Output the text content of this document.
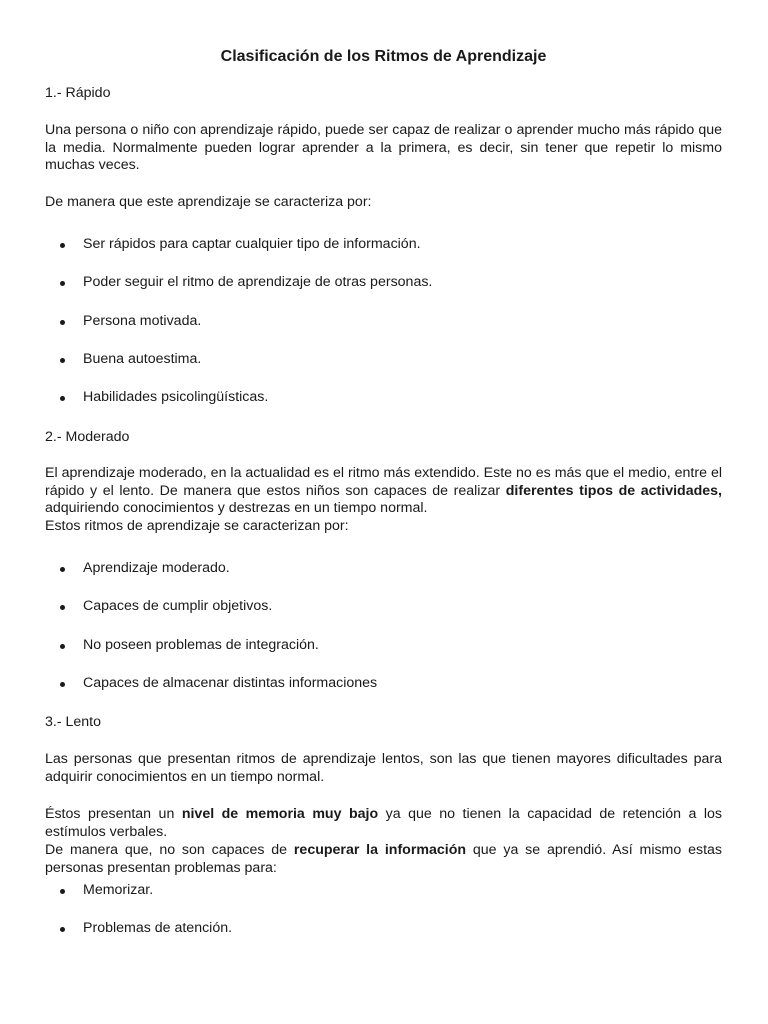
Clasificación de los Ritmos de Aprendizaje

1.- Rápido

Una persona o niño con aprendizaje rápido, puede ser capaz de realizar o aprender mucho más rápido que la media. Normalmente pueden lograr aprender a la primera, es decir, sin tener que repetir lo mismo muchas veces.

De manera que este aprendizaje se caracteriza por:

Ser rápidos para captar cualquier tipo de información.
Poder seguir el ritmo de aprendizaje de otras personas.
Persona motivada.
Buena autoestima.
Habilidades psicolingüísticas.

2.- Moderado

El aprendizaje moderado, en la actualidad es el ritmo más extendido. Este no es más que el medio, entre el rápido y el lento. De manera que estos niños son capaces de realizar diferentes tipos de actividades, adquiriendo conocimientos y destrezas en un tiempo normal.

Estos ritmos de aprendizaje se caracterizan por:

Aprendizaje moderado.
Capaces de cumplir objetivos.
No poseen problemas de integración.
Capaces de almacenar distintas informaciones

3.- Lento

Las personas que presentan ritmos de aprendizaje lentos, son las que tienen mayores dificultades para adquirir conocimientos en un tiempo normal.

Éstos presentan un nivel de memoria muy bajo ya que no tienen la capacidad de retención a los estímulos verbales.

De manera que, no son capaces de recuperar la información que ya se aprendió. Así mismo estas personas presentan problemas para:

Memorizar.
Problemas de atención.
